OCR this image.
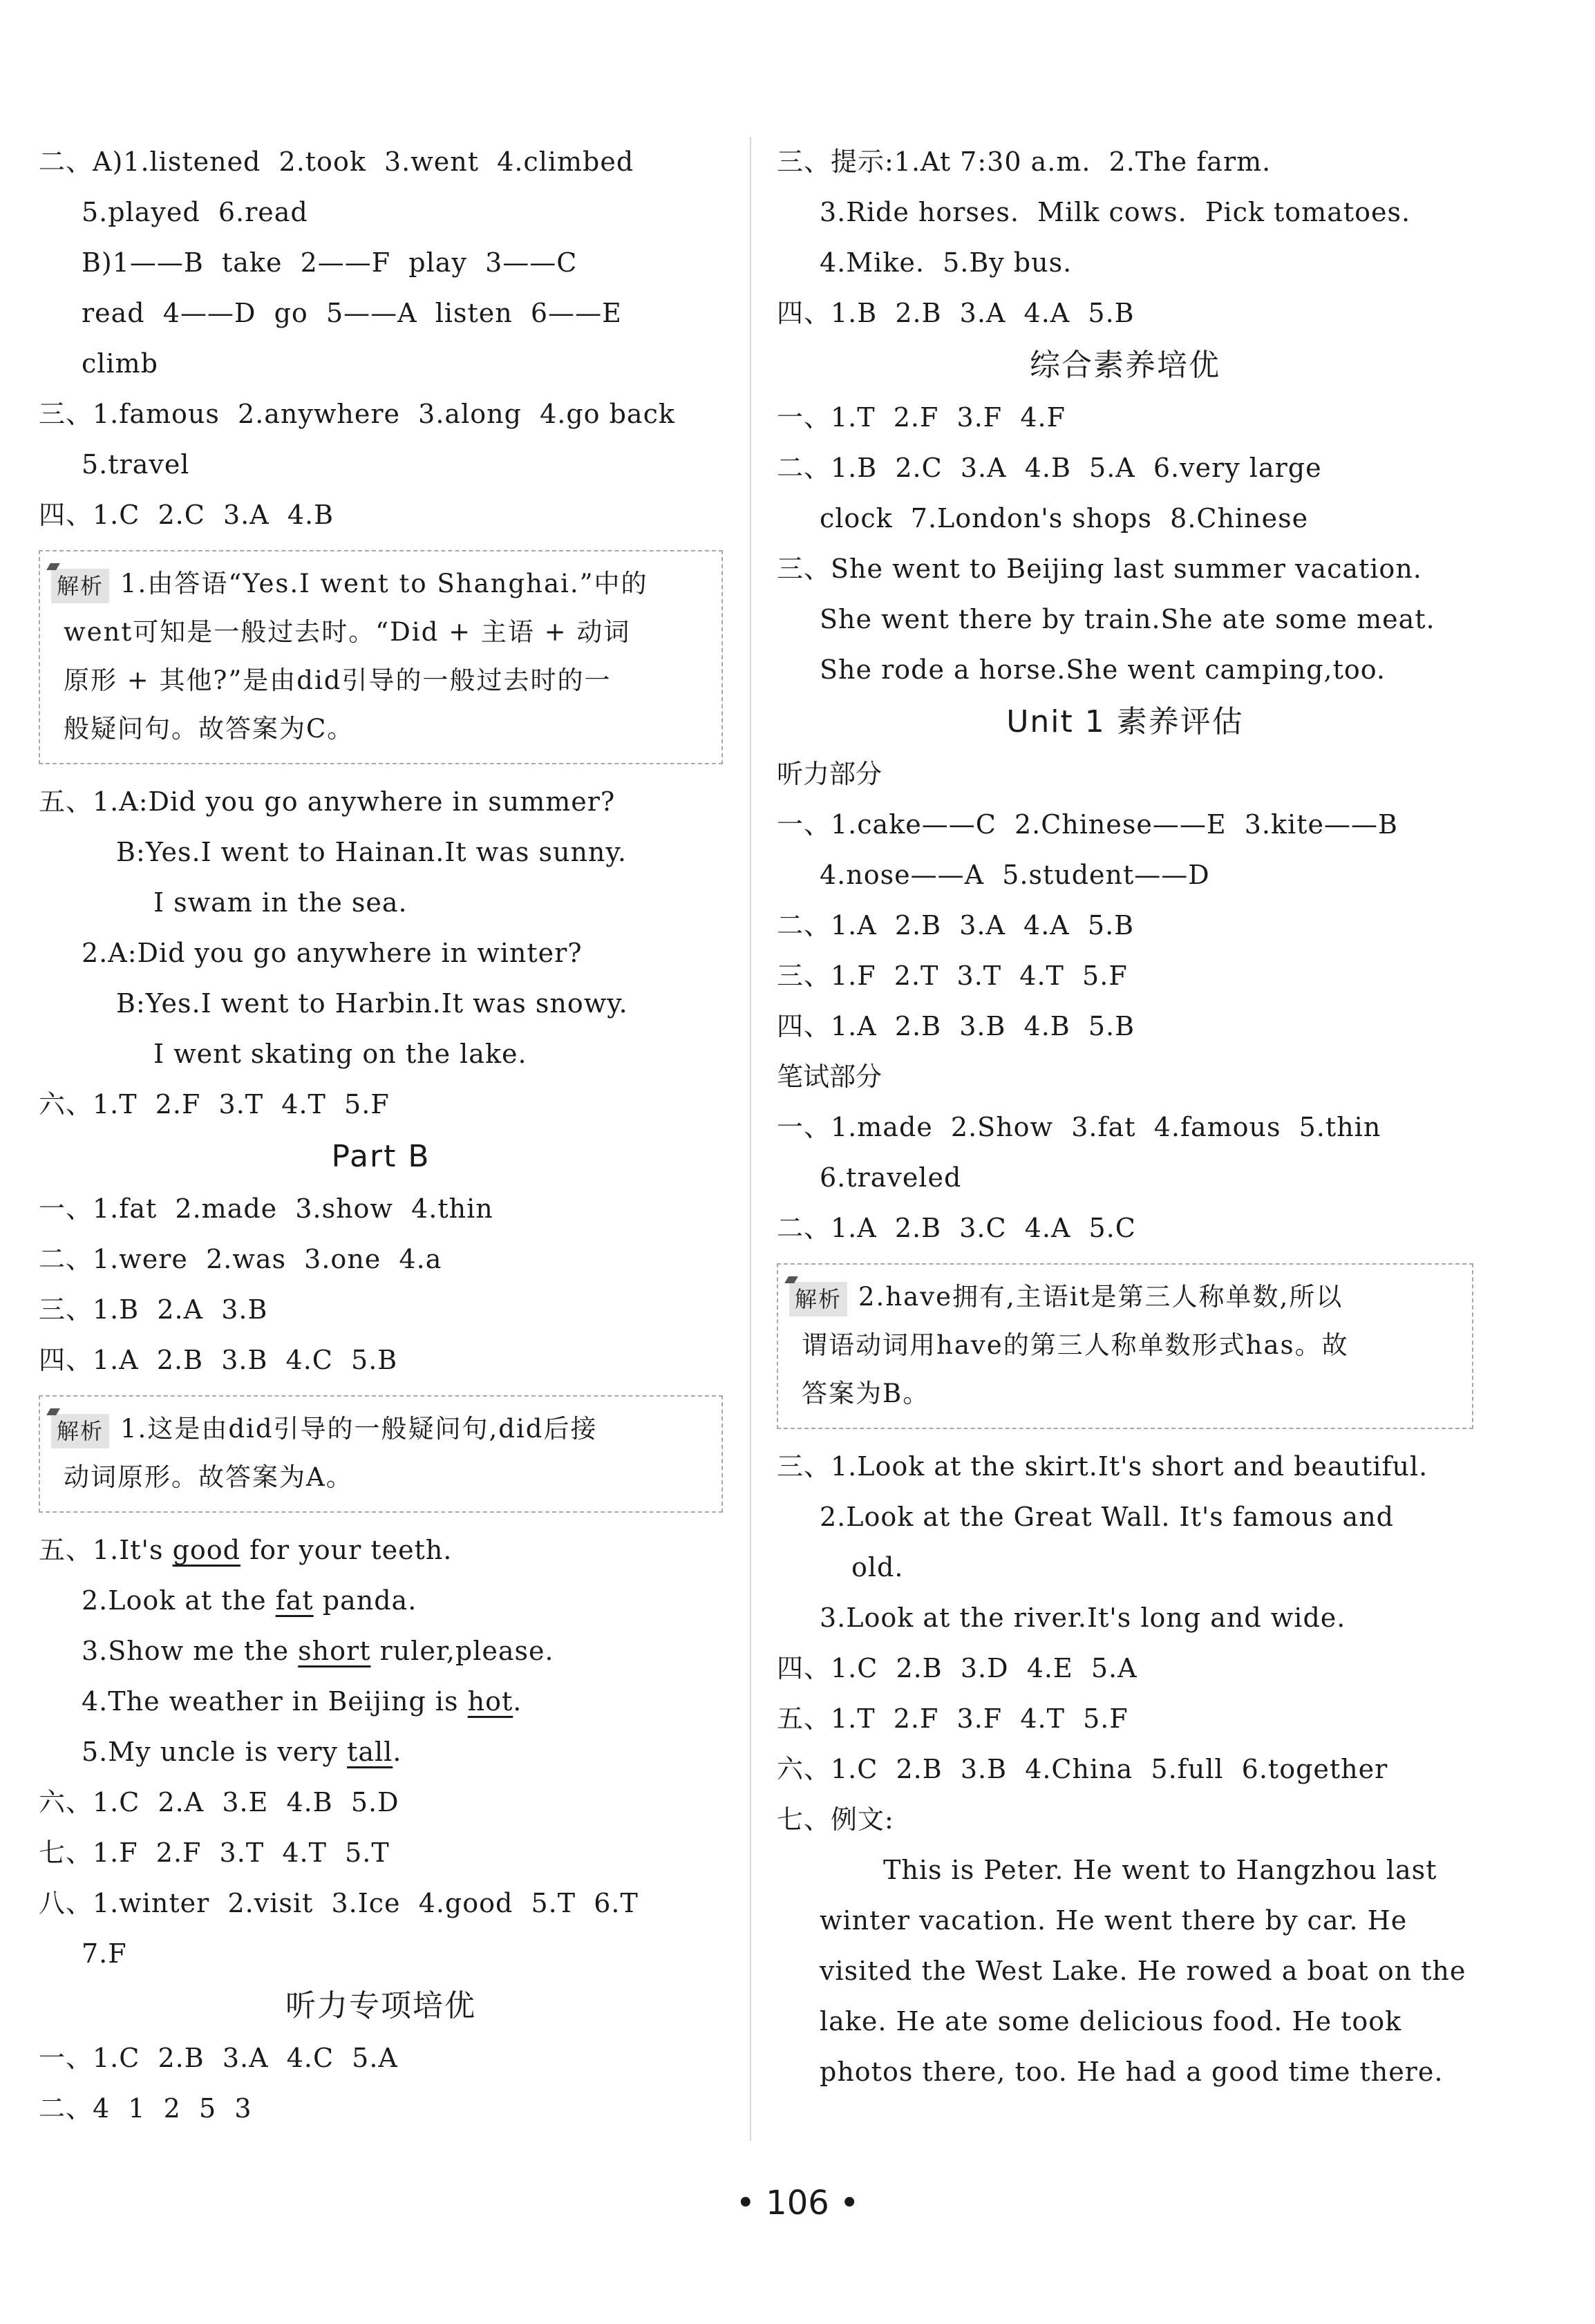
二、A)1.listened  2.took  3.went  4.climbed
5.played  6.read
B)1——B  take  2——F  play  3——C
read  4——D  go  5——A  listen  6——E
climb
三、1.famous  2.anywhere  3.along  4.go back
5.travel
四、1.C  2.C  3.A  4.B
解析 1.由答语“Yes.I went to Shanghai.”中的
went可知是一般过去时。“Did + 主语 + 动词
原形 + 其他?”是由did引导的一般过去时的一
般疑问句。故答案为C。
五、1.A:Did you go anywhere in summer?
B:Yes.I went to Hainan.It was sunny.
I swam in the sea.
2.A:Did you go anywhere in winter?
B:Yes.I went to Harbin.It was snowy.
I went skating on the lake.
六、1.T  2.F  3.T  4.T  5.F
Part B
一、1.fat  2.made  3.show  4.thin
二、1.were  2.was  3.one  4.a
三、1.B  2.A  3.B
四、1.A  2.B  3.B  4.C  5.B
解析 1.这是由did引导的一般疑问句,did后接
动词原形。故答案为A。
五、1.It's good for your teeth.
2.Look at the fat panda.
3.Show me the short ruler,please.
4.The weather in Beijing is hot.
5.My uncle is very tall.
六、1.C  2.A  3.E  4.B  5.D
七、1.F  2.F  3.T  4.T  5.T
八、1.winter  2.visit  3.Ice  4.good  5.T  6.T
7.F
听力专项培优
一、1.C  2.B  3.A  4.C  5.A
二、4  1  2  5  3
三、提示:1.At 7:30 a.m.  2.The farm.
3.Ride horses.  Milk cows.  Pick tomatoes.
4.Mike.  5.By bus.
四、1.B  2.B  3.A  4.A  5.B
综合素养培优
一、1.T  2.F  3.F  4.F
二、1.B  2.C  3.A  4.B  5.A  6.very large
clock  7.London's shops  8.Chinese
三、She went to Beijing last summer vacation.
She went there by train.She ate some meat.
She rode a horse.She went camping,too.
Unit 1 素养评估
听力部分
一、1.cake——C  2.Chinese——E  3.kite——B
4.nose——A  5.student——D
二、1.A  2.B  3.A  4.A  5.B
三、1.F  2.T  3.T  4.T  5.F
四、1.A  2.B  3.B  4.B  5.B
笔试部分
一、1.made  2.Show  3.fat  4.famous  5.thin
6.traveled
二、1.A  2.B  3.C  4.A  5.C
解析 2.have拥有,主语it是第三人称单数,所以
谓语动词用have的第三人称单数形式has。故
答案为B。
三、1.Look at the skirt.It's short and beautiful.
2.Look at the Great Wall. It's famous and
old.
3.Look at the river.It's long and wide.
四、1.C  2.B  3.D  4.E  5.A
五、1.T  2.F  3.F  4.T  5.F
六、1.C  2.B  3.B  4.China  5.full  6.together
七、例文:
This is Peter. He went to Hangzhou last
winter vacation. He went there by car. He
visited the West Lake. He rowed a boat on the
lake. He ate some delicious food. He took
photos there, too. He had a good time there.
• 106 •
